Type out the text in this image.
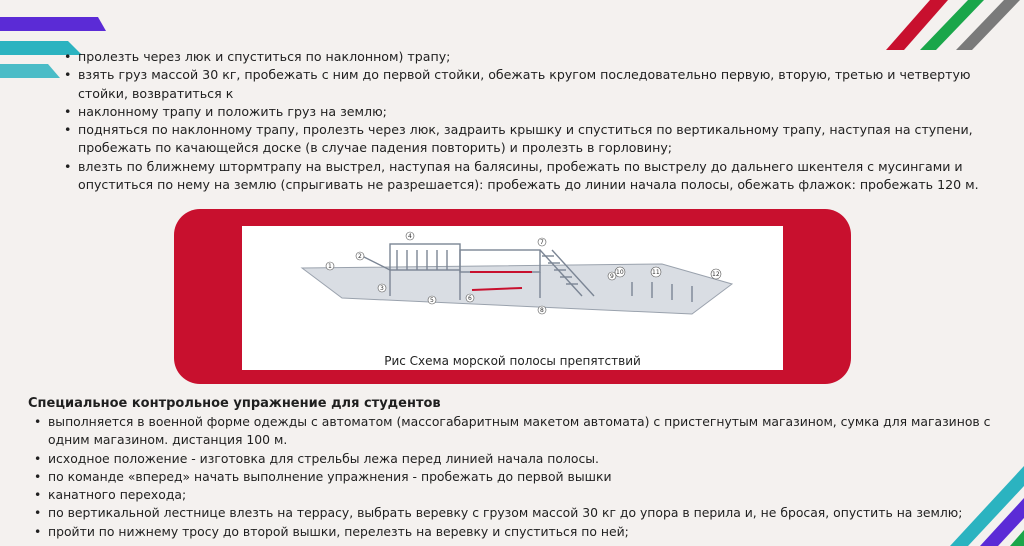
• пролезть через люк и спуститься по наклонном) трапу;
• взять груз массой 30 кг, пробежать с ним до первой стойки, обежать кругом последовательно первую, вторую, третью и четвертую стойки, возвратиться к
• наклонному трапу и положить груз на землю;
• подняться по наклонному трапу, пролезть через люк, задраить крышку и спуститься по вертикальному трапу, наступая на ступени, пробежать по качающейся доске (в случае падения повторить) и пролезть в горловину;
• влезть по ближнему штормтрапу на выстрел, наступая на балясины, пробежать по выстрелу до дальнего шкентеля с мусингами и опуститься по нему на землю (спрыгивать не разрешается): пробежать до линии начала полосы, обежать флажок: пробежать 120 м.
1
2
3
4
5	6
7
8
9
10	11	12
Рис Схема морской полосы препятствий
Специальное контрольное упражнение для студентов
• выполняется в военной форме одежды с автоматом (массогабаритным макетом автомата) с пристегнутым магазином, сумка для магазинов с одним магазином. дистанция 100 м.
• исходное положение - изготовка для стрельбы лежа перед линией начала полосы.
• по команде «вперед» начать выполнение упражнения - пробежать до первой вышки
• канатного перехода;
• по вертикальной лестнице влезть на террасу, выбрать веревку с грузом массой 30 кг до упора в перила и, не бросая, опустить на землю;
• пройти по нижнему тросу до второй вышки, перелезть на веревку и спуститься по ней;
